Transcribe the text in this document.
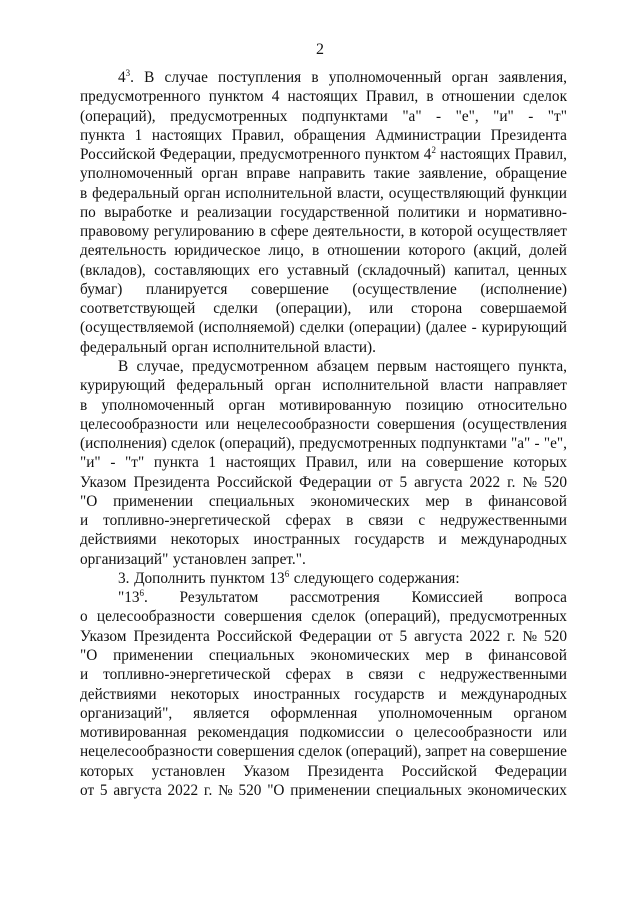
2
$4^3$. В случае поступления в уполномоченный орган заявления,
предусмотренного пунктом 4 настоящих Правил, в отношении сделок
(операций), предусмотренных подпунктами "а" - "е", "и" - "т"
пункта 1 настоящих Правил, обращения Администрации Президента
Российской Федерации, предусмотренного пунктом $4^2$ настоящих Правил,
уполномоченный орган вправе направить такие заявление, обращение
в федеральный орган исполнительной власти, осуществляющий функции
по выработке и реализации государственной политики и нормативно-
правовому регулированию в сфере деятельности, в которой осуществляет
деятельность юридическое лицо, в отношении которого (акций, долей
(вкладов), составляющих его уставный (складочный) капитал, ценных
бумаг) планируется совершение (осуществление (исполнение)
соответствующей сделки (операции), или сторона совершаемой
(осуществляемой (исполняемой) сделки (операции) (далее - курирующий
федеральный орган исполнительной власти).
В случае, предусмотренном абзацем первым настоящего пункта,
курирующий федеральный орган исполнительной власти направляет
в уполномоченный орган мотивированную позицию относительно
целесообразности или нецелесообразности совершения (осуществления
(исполнения) сделок (операций), предусмотренных подпунктами "а" - "е",
"и" - "т" пункта 1 настоящих Правил, или на совершение которых
Указом Президента Российской Федерации от 5 августа 2022 г. № 520
"О применении специальных экономических мер в финансовой
и топливно-энергетической сферах в связи с недружественными
действиями некоторых иностранных государств и международных
организаций" установлен запрет.".
3. Дополнить пунктом $13^6$ следующего содержания:
"$13^6$. Результатом рассмотрения Комиссией вопроса
о целесообразности совершения сделок (операций), предусмотренных
Указом Президента Российской Федерации от 5 августа 2022 г. № 520
"О применении специальных экономических мер в финансовой
и топливно-энергетической сферах в связи с недружественными
действиями некоторых иностранных государств и международных
организаций", является оформленная уполномоченным органом
мотивированная рекомендация подкомиссии о целесообразности или
нецелесообразности совершения сделок (операций), запрет на совершение
которых установлен Указом Президента Российской Федерации
от 5 августа 2022 г. № 520 "О применении специальных экономических
